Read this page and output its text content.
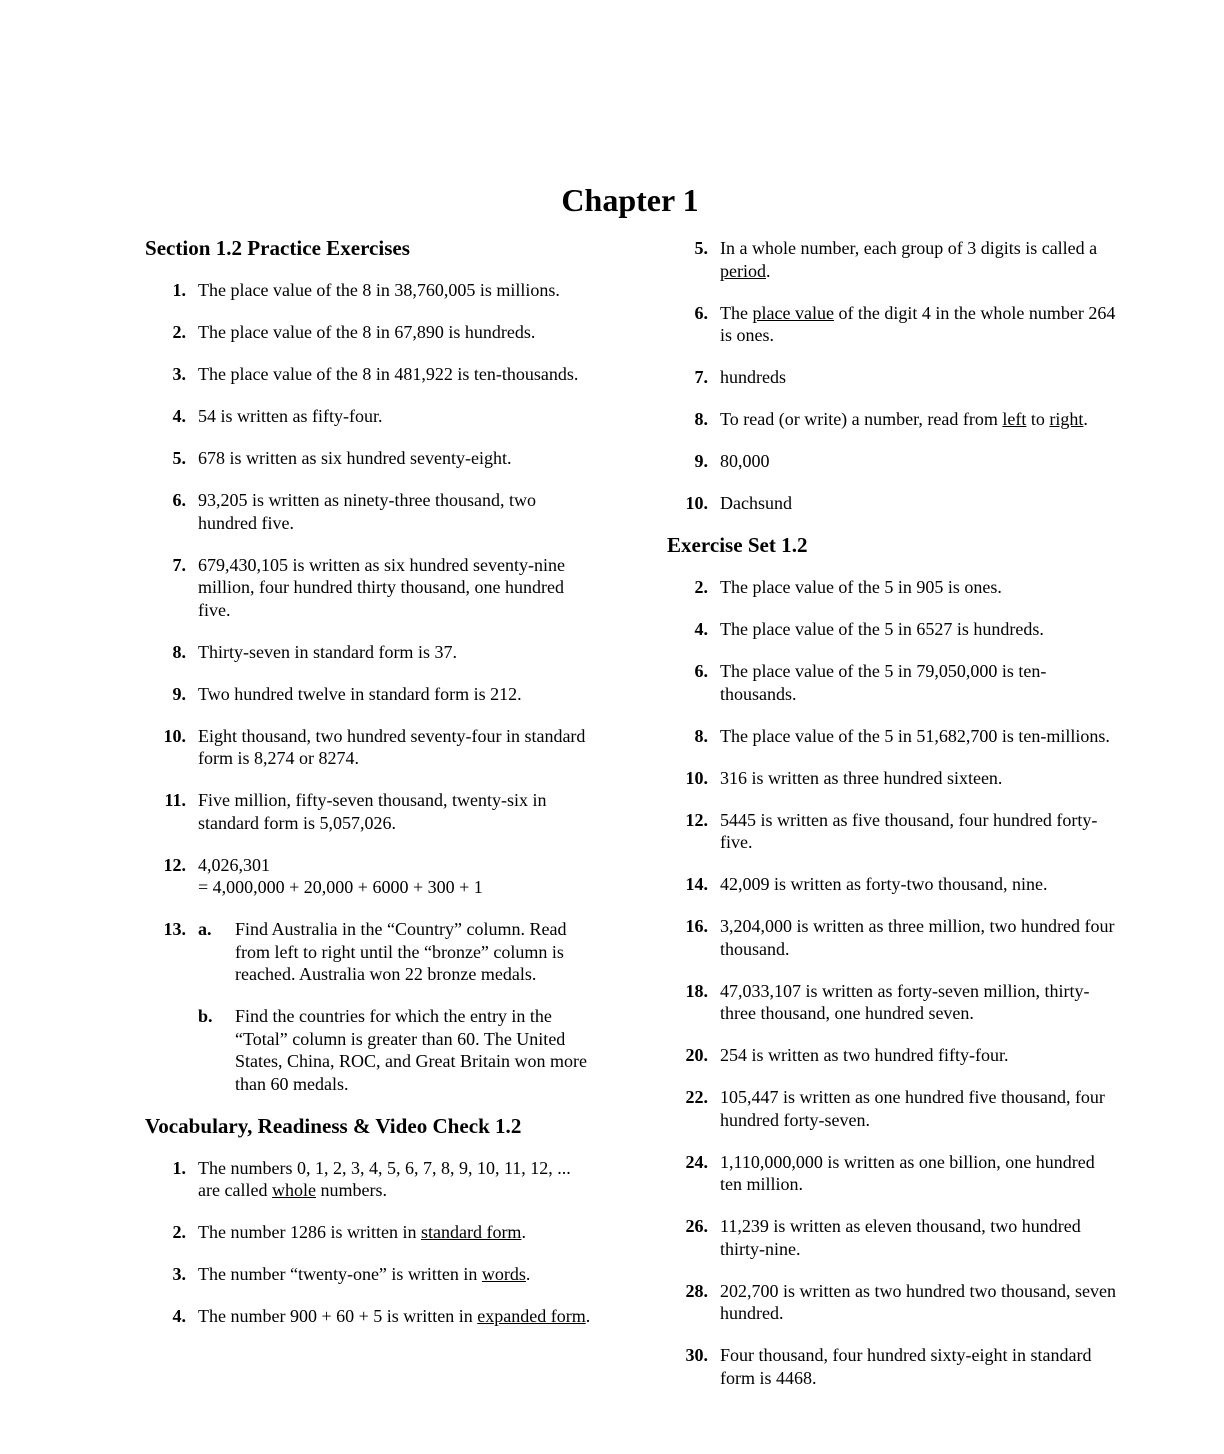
Chapter 1
Section 1.2 Practice Exercises
1. The place value of the 8 in 38,760,005 is millions.
2. The place value of the 8 in 67,890 is hundreds.
3. The place value of the 8 in 481,922 is ten-thousands.
4. 54 is written as fifty-four.
5. 678 is written as six hundred seventy-eight.
6. 93,205 is written as ninety-three thousand, two hundred five.
7. 679,430,105 is written as six hundred seventy-nine million, four hundred thirty thousand, one hundred five.
8. Thirty-seven in standard form is 37.
9. Two hundred twelve in standard form is 212.
10. Eight thousand, two hundred seventy-four in standard form is 8,274 or 8274.
11. Five million, fifty-seven thousand, twenty-six in standard form is 5,057,026.
12. 4,026,301
= 4,000,000 + 20,000 + 6000 + 300 + 1
13. a. Find Australia in the “Country” column. Read from left to right until the “bronze” column is reached. Australia won 22 bronze medals.
b. Find the countries for which the entry in the “Total” column is greater than 60. The United States, China, ROC, and Great Britain won more than 60 medals.
Vocabulary, Readiness & Video Check 1.2
1. The numbers 0, 1, 2, 3, 4, 5, 6, 7, 8, 9, 10, 11, 12, ... are called whole numbers.
2. The number 1286 is written in standard form.
3. The number “twenty-one” is written in words.
4. The number 900 + 60 + 5 is written in expanded form.
5. In a whole number, each group of 3 digits is called a period.
6. The place value of the digit 4 in the whole number 264 is ones.
7. hundreds
8. To read (or write) a number, read from left to right.
9. 80,000
10. Dachsund
Exercise Set 1.2
2. The place value of the 5 in 905 is ones.
4. The place value of the 5 in 6527 is hundreds.
6. The place value of the 5 in 79,050,000 is ten-thousands.
8. The place value of the 5 in 51,682,700 is ten-millions.
10. 316 is written as three hundred sixteen.
12. 5445 is written as five thousand, four hundred forty-five.
14. 42,009 is written as forty-two thousand, nine.
16. 3,204,000 is written as three million, two hundred four thousand.
18. 47,033,107 is written as forty-seven million, thirty-three thousand, one hundred seven.
20. 254 is written as two hundred fifty-four.
22. 105,447 is written as one hundred five thousand, four hundred forty-seven.
24. 1,110,000,000 is written as one billion, one hundred ten million.
26. 11,239 is written as eleven thousand, two hundred thirty-nine.
28. 202,700 is written as two hundred two thousand, seven hundred.
30. Four thousand, four hundred sixty-eight in standard form is 4468.
